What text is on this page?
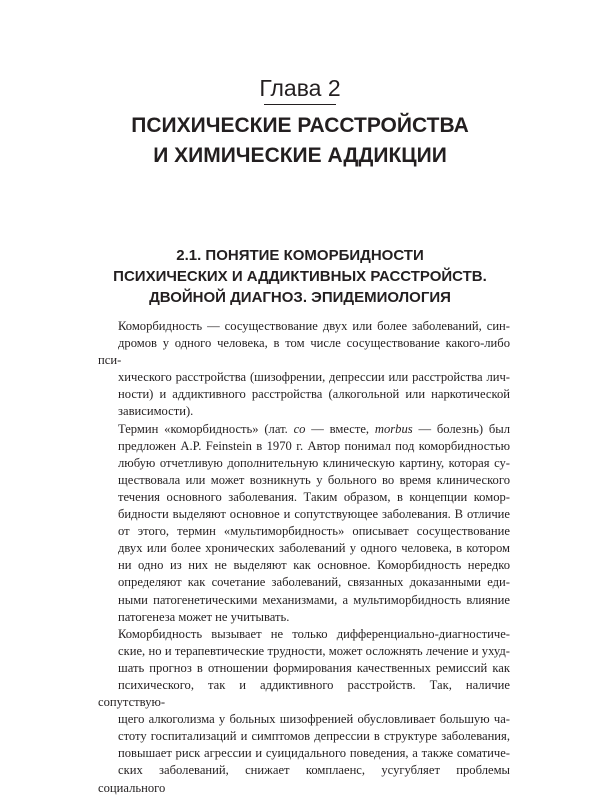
Глава 2
ПСИХИЧЕСКИЕ РАССТРОЙСТВА
И ХИМИЧЕСКИЕ АДДИКЦИИ
2.1. ПОНЯТИЕ КОМОРБИДНОСТИ
ПСИХИЧЕСКИХ И АДДИКТИВНЫХ РАССТРОЙСТВ.
ДВОЙНОЙ ДИАГНОЗ. ЭПИДЕМИОЛОГИЯ

Коморбидность — сосуществование двух или более заболеваний, син-
дромов у одного человека, в том числе сосуществование какого-либо пси-
хического расстройства (шизофрении, депрессии или расстройства лич-
ности) и аддиктивного расстройства (алкогольной или наркотической
зависимости).

Термин «коморбидность» (лат. co — вместе, morbus — болезнь) был
предложен A.P. Feinstein в 1970 г. Автор понимал под коморбидностью
любую отчетливую дополнительную клиническую картину, которая су-
ществовала или может возникнуть у больного во время клинического
течения основного заболевания. Таким образом, в концепции комор-
бидности выделяют основное и сопутствующее заболевания. В отличие
от этого, термин «мультиморбидность» описывает сосуществование
двух или более хронических заболеваний у одного человека, в котором
ни одно из них не выделяют как основное. Коморбидность нередко
определяют как сочетание заболеваний, связанных доказанными еди-
ными патогенетическими механизмами, а мультиморбидность влияние
патогенеза может не учитывать.

Коморбидность вызывает не только дифференциально-диагностиче-
ские, но и терапевтические трудности, может осложнять лечение и ухуд-
шать прогноз в отношении формирования качественных ремиссий как
психического, так и аддиктивного расстройств. Так, наличие сопутствую-
щего алкоголизма у больных шизофренией обусловливает большую ча-
стоту госпитализаций и симптомов депрессии в структуре заболевания,
повышает риск агрессии и суицидального поведения, а также соматиче-
ских заболеваний, снижает комплаенс, усугубляет проблемы социального
